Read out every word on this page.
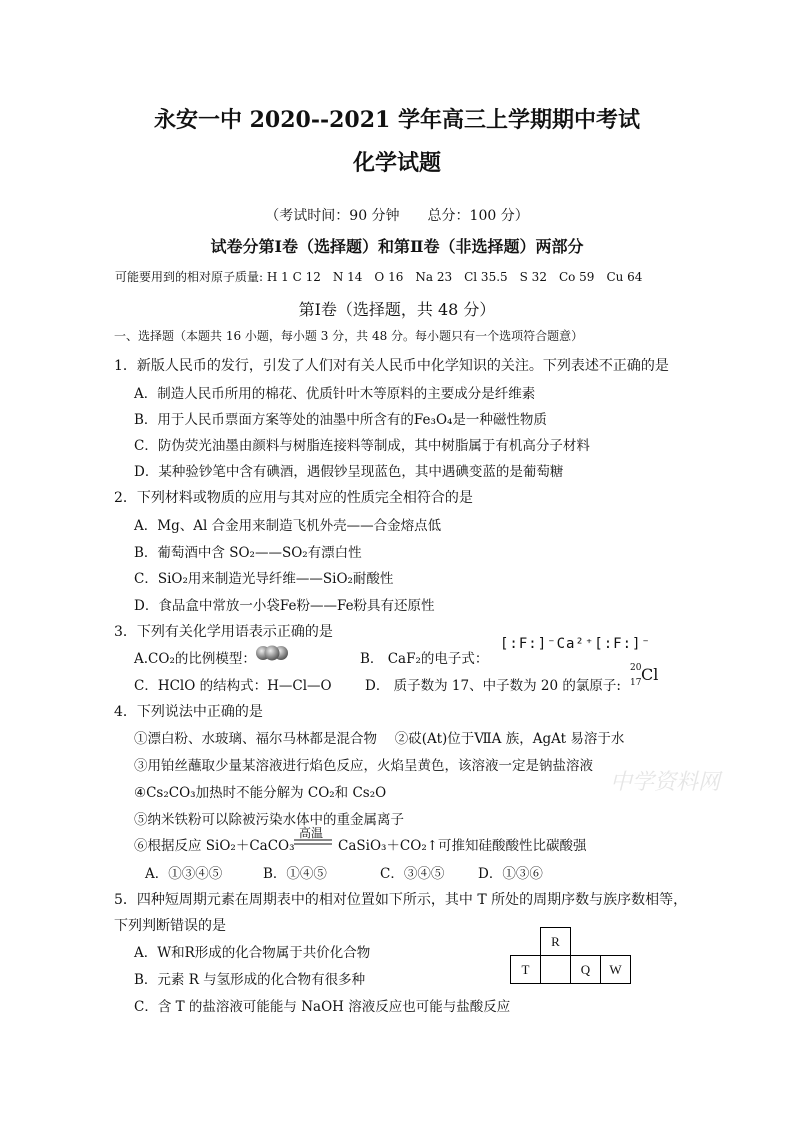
永安一中 2020--2021 学年高三上学期期中考试
化学试题
（考试时间：90 分钟　　总分：100 分）
试卷分第Ⅰ卷（选择题）和第Ⅱ卷（非选择题）两部分
可能要用到的相对原子质量: H 1 C 12　N 14　O 16　Na 23　Cl 35.5　S 32　Co 59　Cu 64
第Ⅰ卷（选择题，共 48 分）
一、选择题（本题共 16 小题，每小题 3 分，共 48 分。每小题只有一个选项符合题意）
1．新版人民币的发行，引发了人们对有关人民币中化学知识的关注。下列表述不正确的是
A．制造人民币所用的棉花、优质针叶木等原料的主要成分是纤维素
B．用于人民币票面方案等处的油墨中所含有的Fe₃O₄是一种磁性物质
C．防伪荧光油墨由颜料与树脂连接料等制成，其中树脂属于有机高分子材料
D．某种验钞笔中含有碘酒，遇假钞呈现蓝色，其中遇碘变蓝的是葡萄糖
2．下列材料或物质的应用与其对应的性质完全相符合的是
A．Mg、Al 合金用来制造飞机外壳——合金熔点低
B．葡萄酒中含 SO₂——SO₂有漂白性
C．SiO₂用来制造光导纤维——SiO₂耐酸性
D．食品盒中常放一小袋Fe粉——Fe粉具有还原性
3．下列有关化学用语表示正确的是
A.CO₂的比例模型：	B． CaF₂的电子式：
[:F:]⁻Ca²⁺[:F:]⁻
C．HClO 的结构式：H—Cl—O D． 质子数为 17、中子数为 20 的氯原子:
20
17 Cl
4．下列说法中正确的是
①漂白粉、水玻璃、福尔马林都是混合物　 ②砹(At)位于ⅦA 族，AgAt 易溶于水
③用铂丝蘸取少量某溶液进行焰色反应，火焰呈黄色，该溶液一定是钠盐溶液
④Cs₂CO₃加热时不能分解为 CO₂和 Cs₂O
⑤纳米铁粉可以除被污染水体中的重金属离子
⑥根据反应 SiO₂＋CaCO₃
高温
CaSiO₃＋CO₂↑可推知硅酸酸性比碳酸强
A．①③④⑤	B．①④⑤	C．③④⑤ D．①③⑥
中学资料网
5．四种短周期元素在周期表中的相对位置如下所示，其中 T 所处的周期序数与族序数相等，
下列判断错误的是
A．W和R形成的化合物属于共价化合物
B．元素 R 与氢形成的化合物有很多种
C．含 T 的盐溶液可能能与 NaOH 溶液反应也可能与盐酸反应
	R		
T		Q	W
